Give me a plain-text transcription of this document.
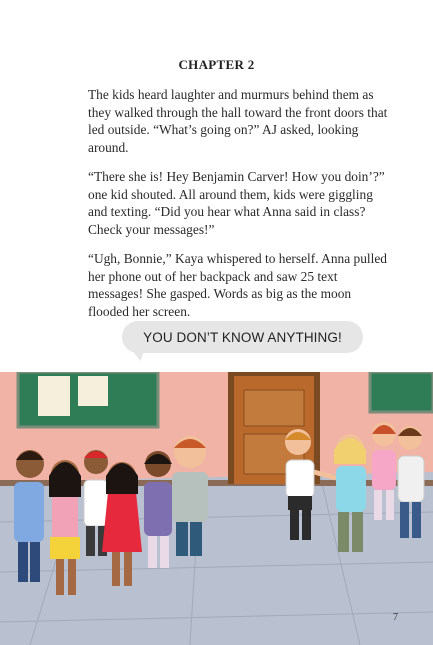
CHAPTER 2

The kids heard laughter and murmurs behind them as they walked through the hall toward the front doors that led outside. “What’s going on?” AJ asked, looking around.

“There she is! Hey Benjamin Carver! How you doin’?” one kid shouted. All around them, kids were giggling and texting. “Did you hear what Anna said in class? Check your messages!”

“Ugh, Bonnie,” Kaya whispered to herself. Anna pulled her phone out of her backpack and saw 25 text messages! She gasped. Words as big as the moon flooded her screen.

YOU DON’T KNOW ANYTHING!
7
